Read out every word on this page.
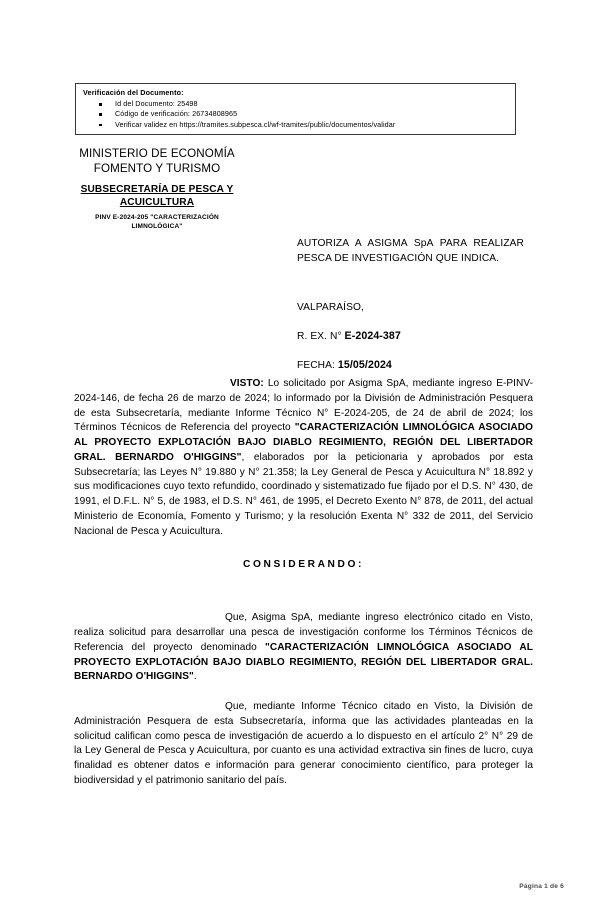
Verificación del Documento:
Id del Documento: 25498
Código de verificación: 26734808965
Verificar validez en https://tramites.subpesca.cl/wf-tramites/public/documentos/validar
MINISTERIO DE ECONOMÍA
FOMENTO Y TURISMO
SUBSECRETARÍA DE PESCA Y
ACUICULTURA
PINV E-2024-205 "CARACTERIZACIÓN
LIMNOLÓGICA"
AUTORIZA A ASIGMA SpA PARA REALIZAR PESCA DE INVESTIGACIÓN QUE INDICA.
VALPARAÍSO,
R. EX. N° E-2024-387
FECHA: 15/05/2024

VISTO: Lo solicitado por Asigma SpA, mediante ingreso E-PINV-2024-146, de fecha 26 de marzo de 2024; lo informado por la División de Administración Pesquera de esta Subsecretaría, mediante Informe Técnico N° E-2024-205, de 24 de abril de 2024; los Términos Técnicos de Referencia del proyecto "CARACTERIZACIÓN LIMNOLÓGICA ASOCIADO AL PROYECTO EXPLOTACIÓN BAJO DIABLO REGIMIENTO, REGIÓN DEL LIBERTADOR GRAL. BERNARDO O'HIGGINS", elaborados por la peticionaria y aprobados por esta Subsecretaría; las Leyes N° 19.880 y N° 21.358; la Ley General de Pesca y Acuicultura N° 18.892 y sus modificaciones cuyo texto refundido, coordinado y sistematizado fue fijado por el D.S. N° 430, de 1991, el D.F.L. N° 5, de 1983, el D.S. N° 461, de 1995, el Decreto Exento N° 878, de 2011, del actual Ministerio de Economía, Fomento y Turismo; y la resolución Exenta N° 332 de 2011, del Servicio Nacional de Pesca y Acuicultura.

CONSIDERANDO:

Que, Asigma SpA, mediante ingreso electrónico citado en Visto, realiza solicitud para desarrollar una pesca de investigación conforme los Términos Técnicos de Referencia del proyecto denominado "CARACTERIZACIÓN LIMNOLÓGICA ASOCIADO AL PROYECTO EXPLOTACIÓN BAJO DIABLO REGIMIENTO, REGIÓN DEL LIBERTADOR GRAL. BERNARDO O'HIGGINS".

Que, mediante Informe Técnico citado en Visto, la División de Administración Pesquera de esta Subsecretaría, informa que las actividades planteadas en la solicitud califican como pesca de investigación de acuerdo a lo dispuesto en el artículo 2° N° 29 de la Ley General de Pesca y Acuicultura, por cuanto es una actividad extractiva sin fines de lucro, cuya finalidad es obtener datos e información para generar conocimiento científico, para proteger la biodiversidad y el patrimonio sanitario del país.

Página 1 de 6
